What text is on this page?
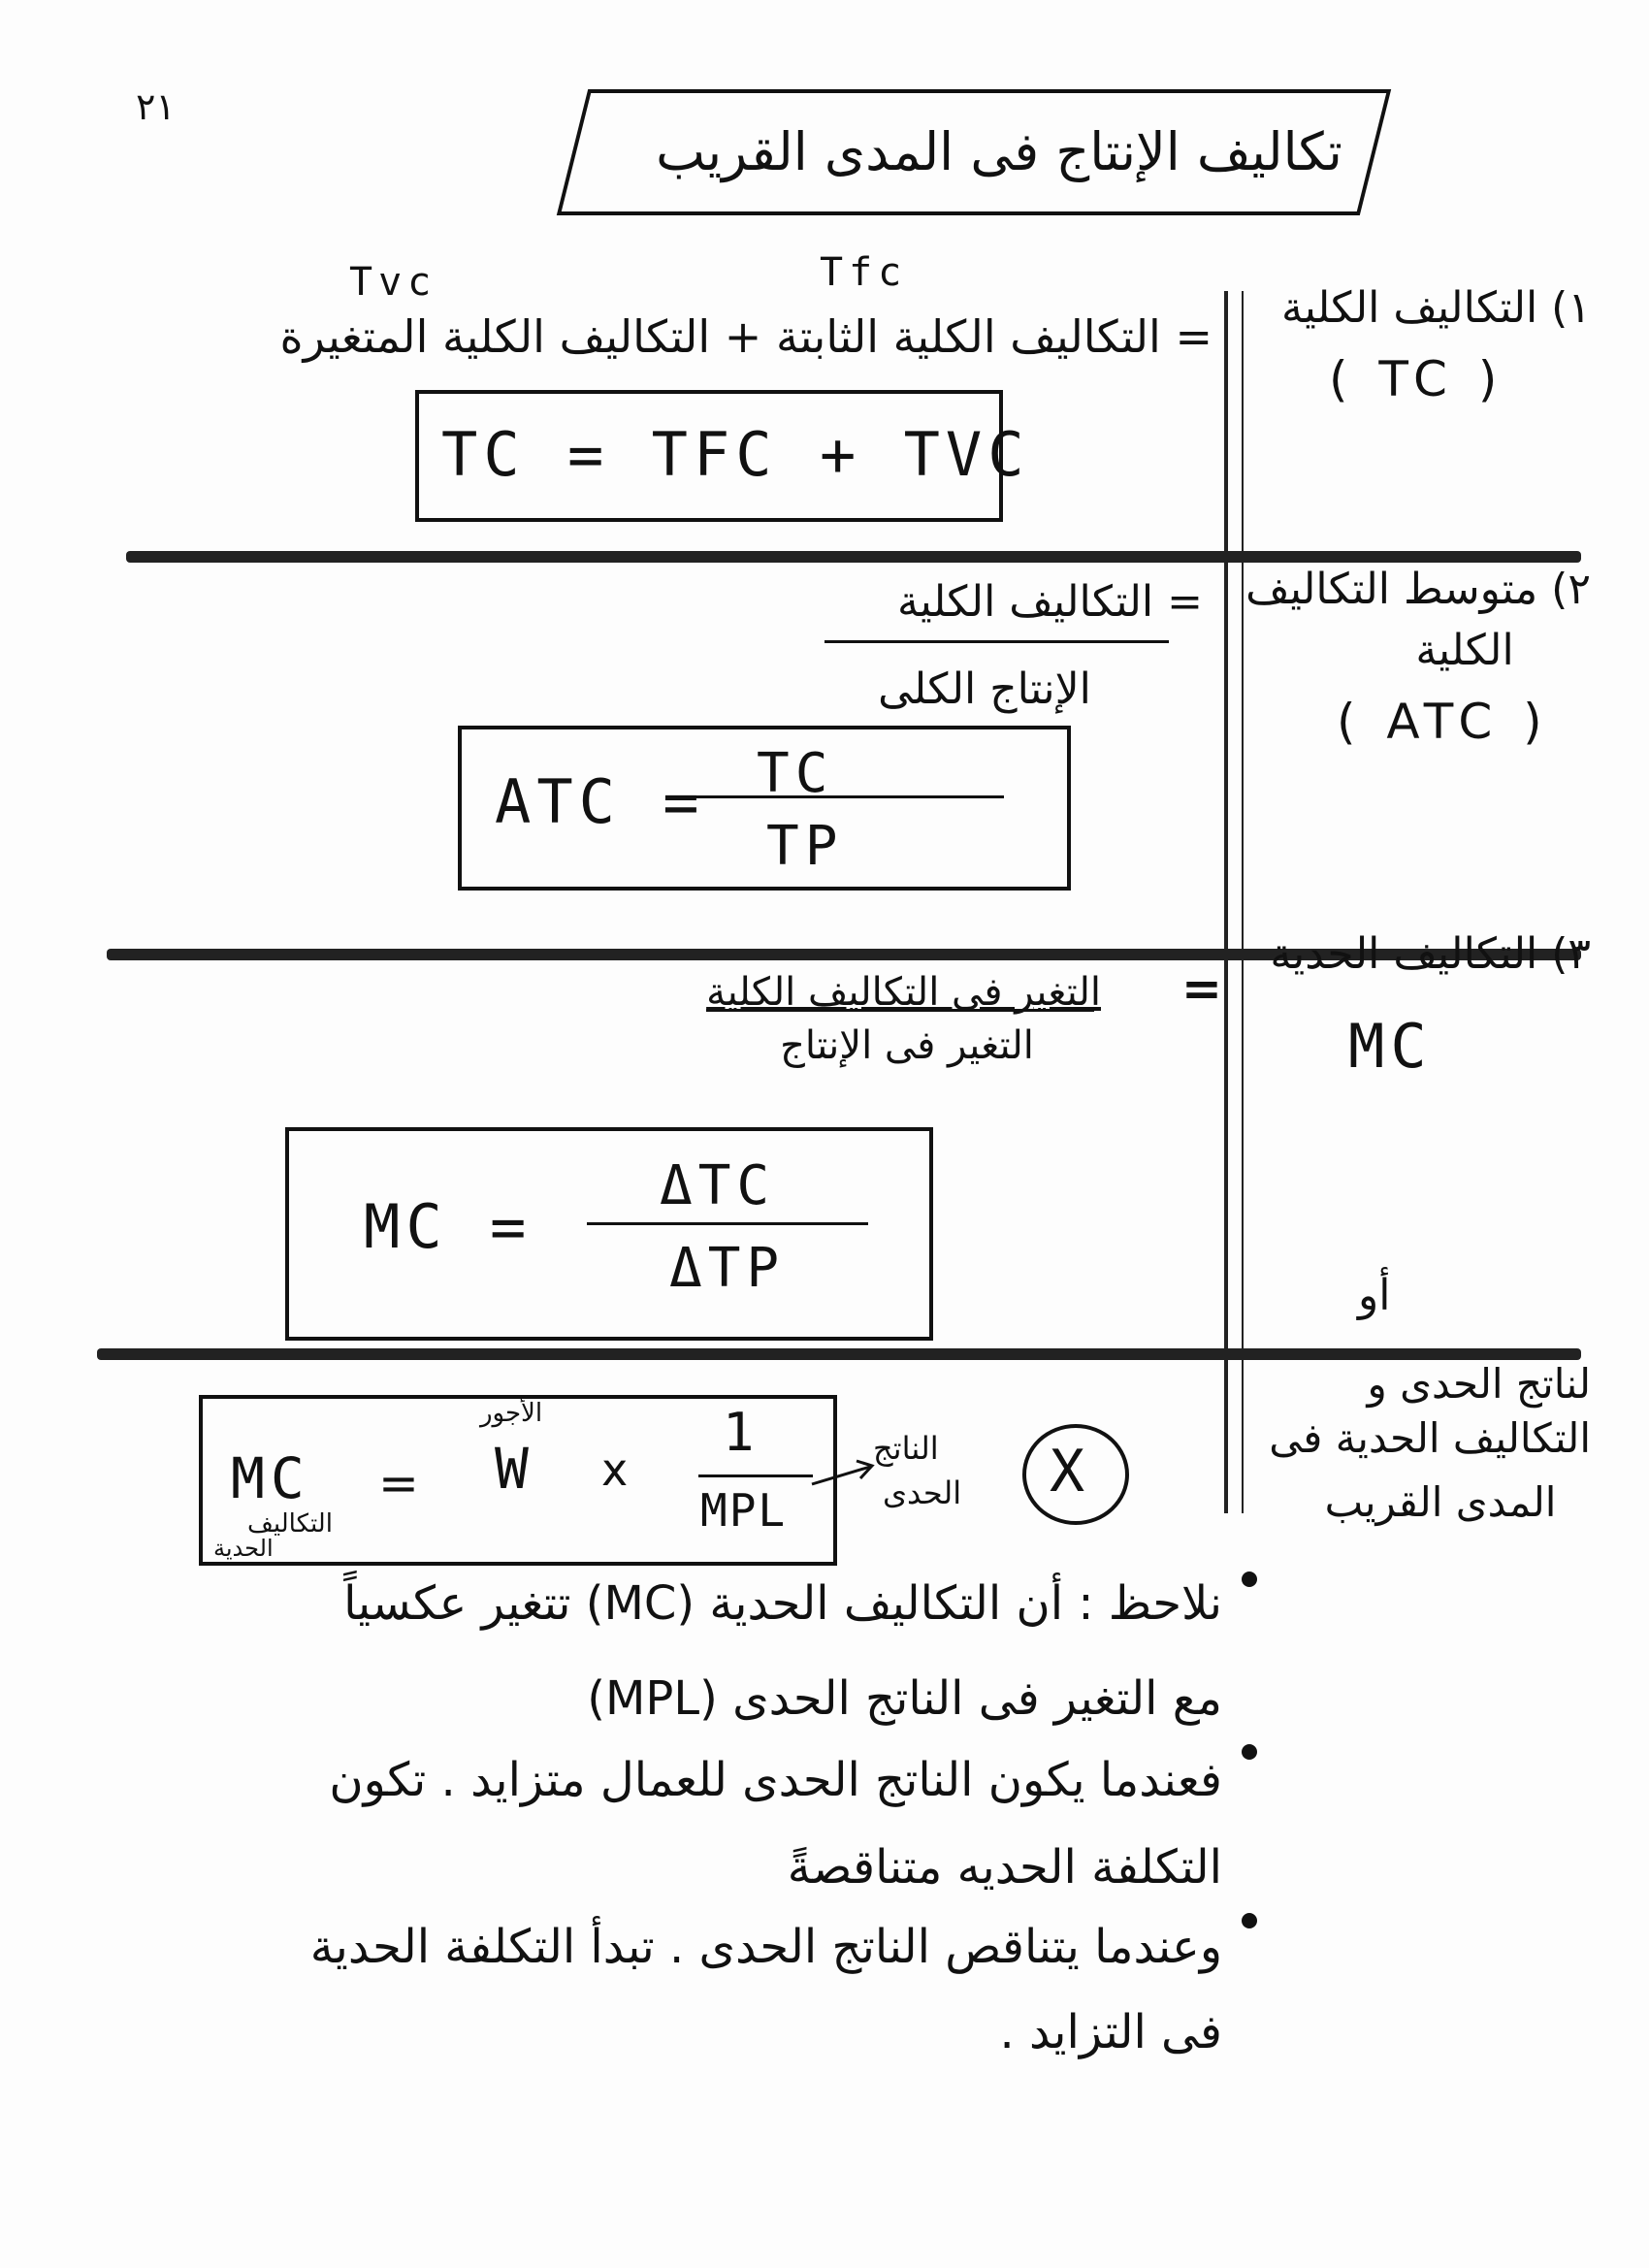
٢١
تكاليف الإنتاج فى المدى القريب
١) التكاليف الكلية
( TC )
Tvc	Tfc
= التكاليف الكلية الثابتة + التكاليف الكلية المتغيرة
TC = TFC + TVC
٢) متوسط التكاليف
الكلية
( ATC )
= التكاليف الكلية
الإنتاج الكلى
ATC = TC
TP
٣) التكاليف الحدية
MC
=
التغير فى التكاليف الكلية
التغير فى الإنتاج
MC =
ΔTC
ΔTP	أو
لناتج الحدى و
التكاليف الحدية فى
المدى القريب
MC =
الأجور
W x
1
MPL
التكاليف
الحدية
الناتج
الحدى X
نلاحظ : أن التكاليف الحدية (MC) تتغير عكسياً
مع التغير فى الناتج الحدى (MPL)
فعندما يكون الناتج الحدى للعمال متزايد . تكون
التكلفة الحديه متناقصةً
وعندما يتناقص الناتج الحدى . تبدأ التكلفة الحدية
فى التزايد .
